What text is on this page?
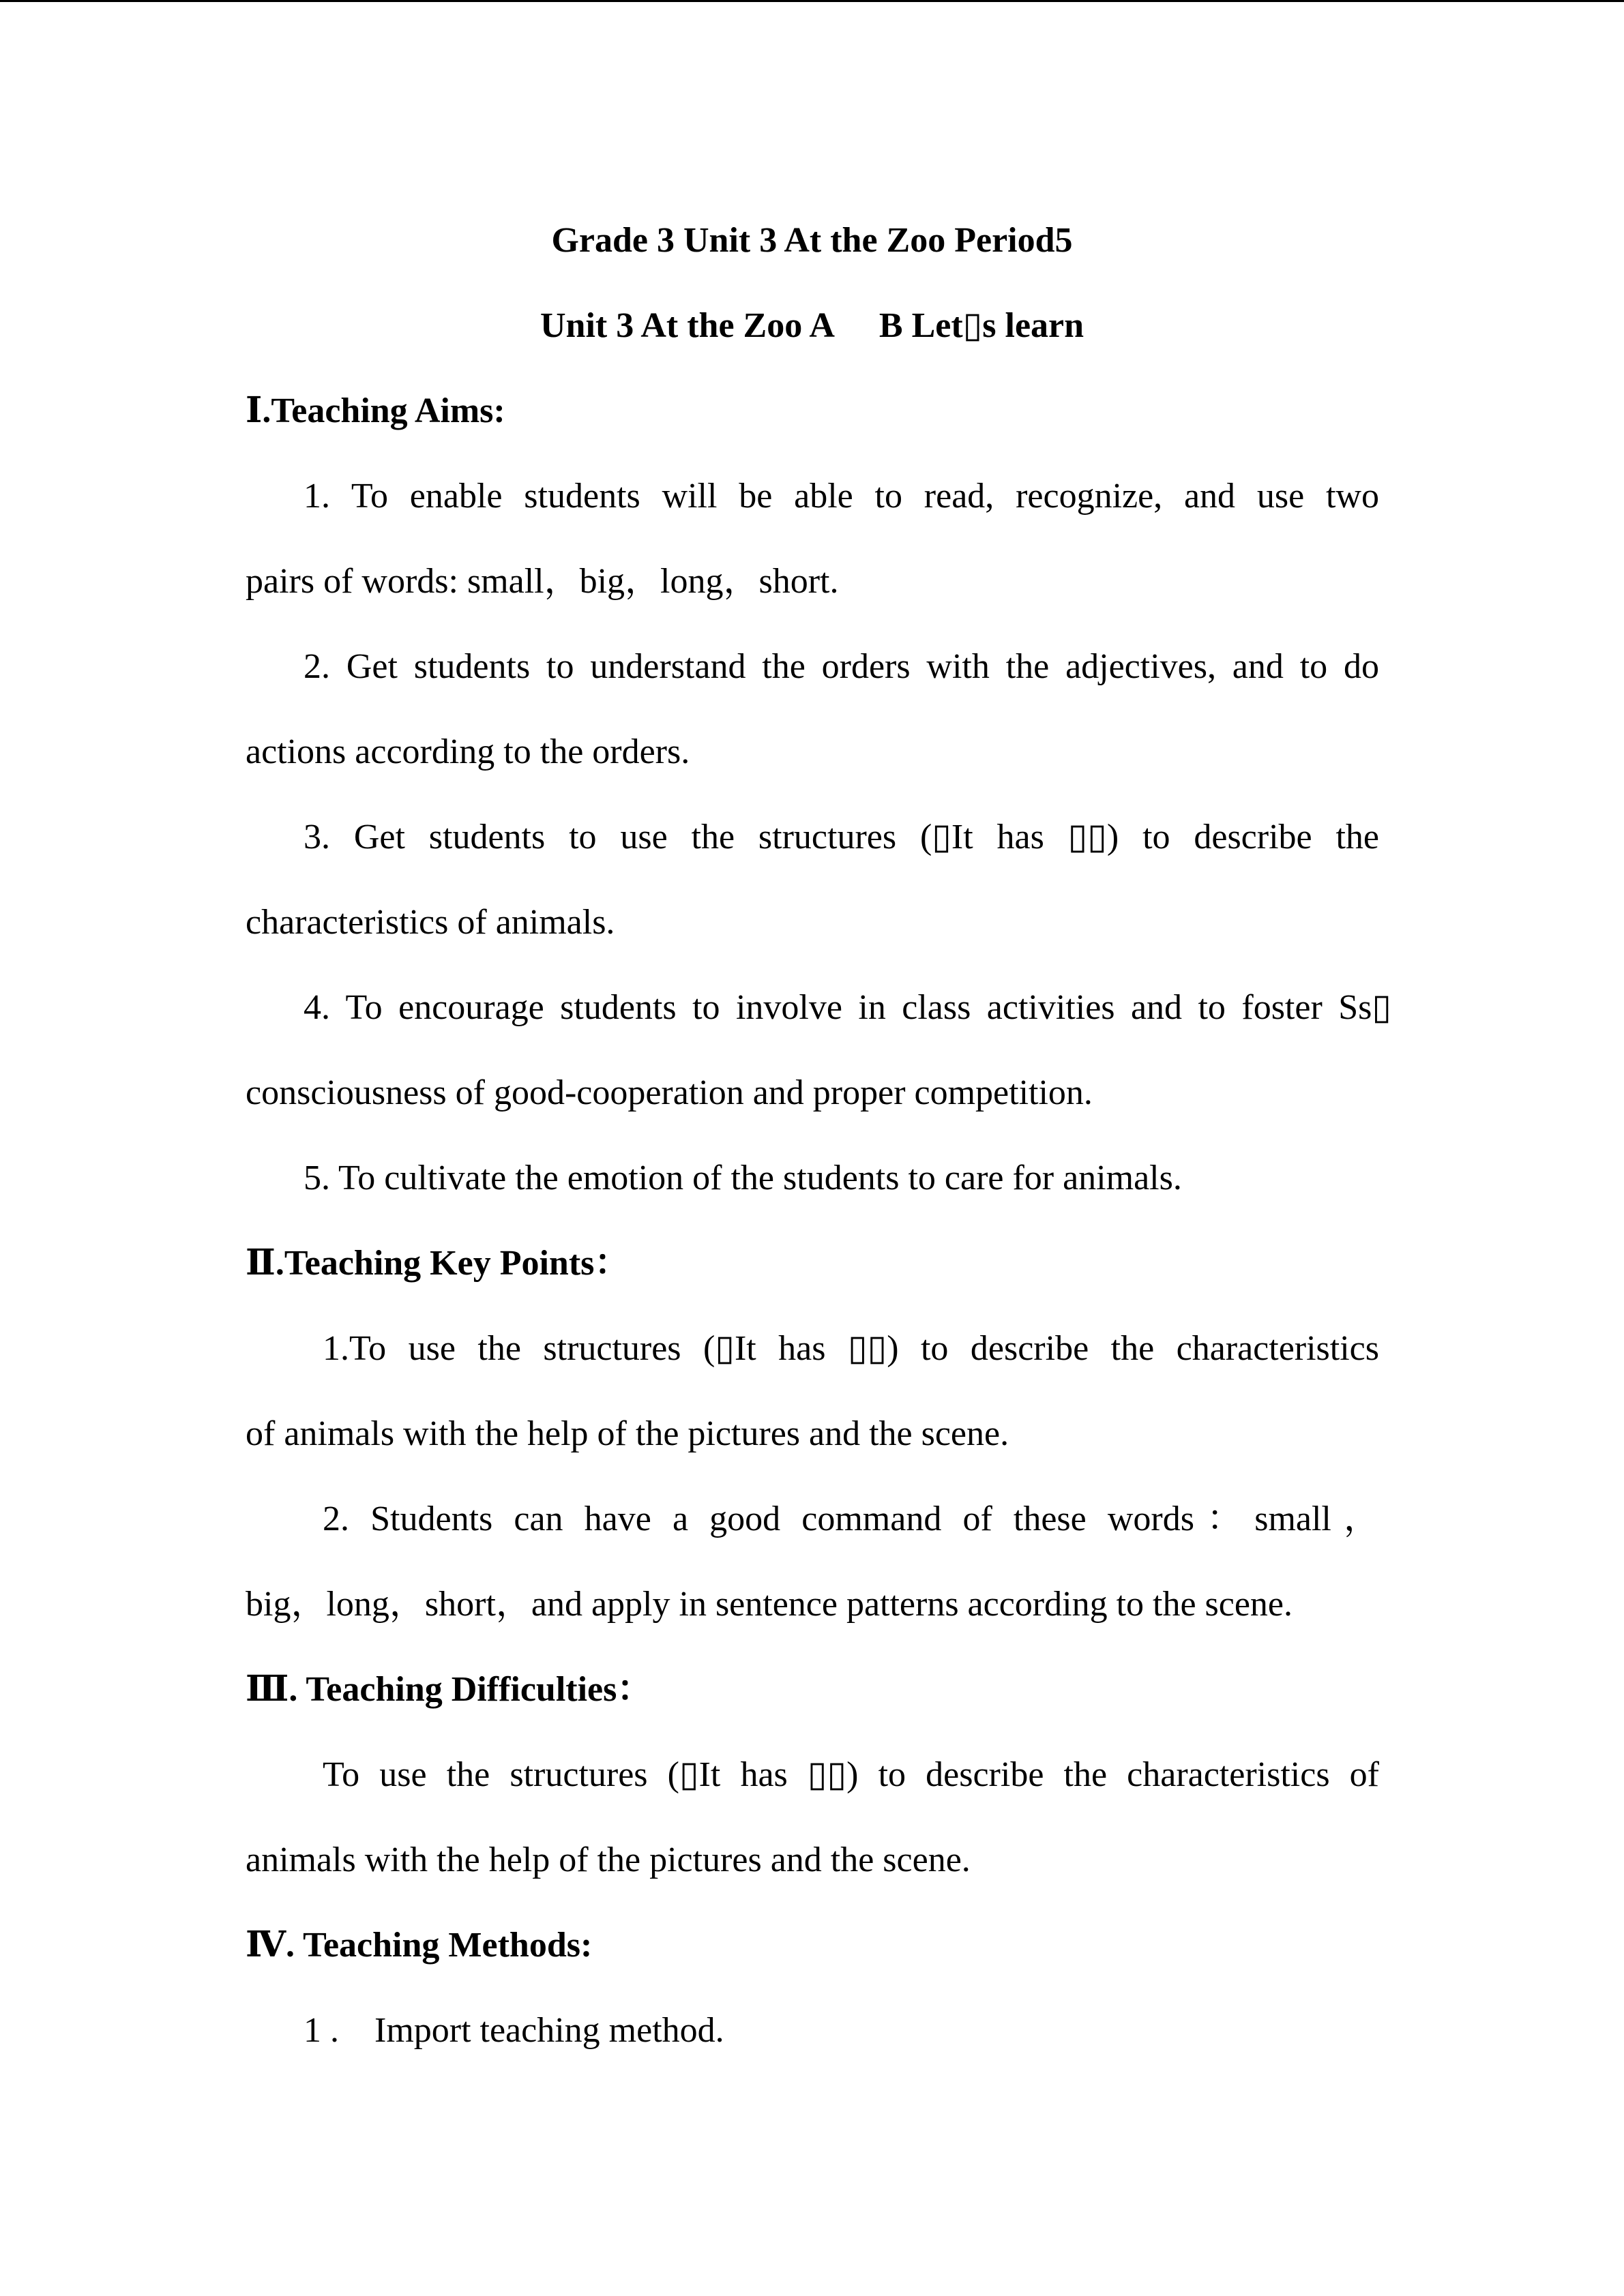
Grade 3 Unit 3 At the Zoo Period5
Unit 3 At the Zoo A     B Let▯s learn
Ⅰ.Teaching Aims:
1. To enable students will be able to read, recognize, and use two
pairs of words: small，big，long，short.
2. Get students to understand the orders with the adjectives, and to do
actions according to the orders.
3. Get students to use the structures (▯It has ▯▯) to describe the
characteristics of animals.
4. To encourage students to involve in class activities and to foster Ss▯
consciousness of good-cooperation and proper competition.
5. To cultivate the emotion of the students to care for animals.
Ⅱ.Teaching Key Points：
1.To use the structures (▯It has ▯▯) to describe the characteristics
of animals with the help of the pictures and the scene.
2. Students can have a good command of these words：small，
big，long，short，and apply in sentence patterns according to the scene.
Ⅲ. Teaching Difficulties：
To use the structures (▯It has ▯▯) to describe the characteristics of
animals with the help of the pictures and the scene.
Ⅳ. Teaching Methods:
1 .    Import teaching method.
